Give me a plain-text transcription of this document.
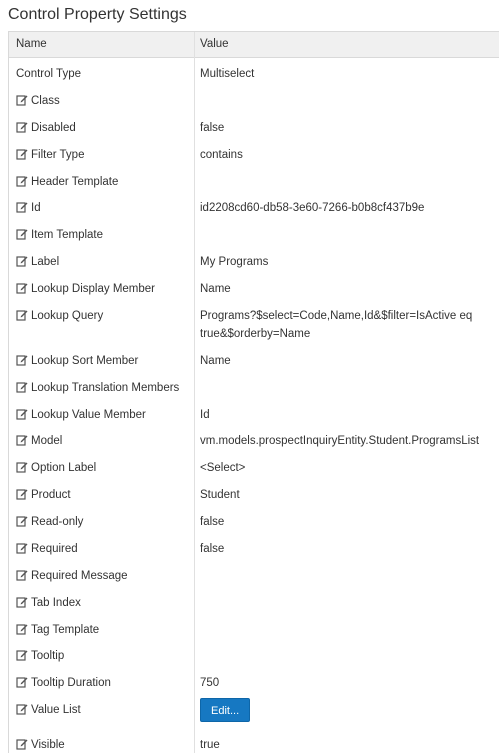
Control Property Settings
Name	Value
Control Type	Multiselect
Class
Disabled	false
Filter Type	contains
Header Template
Id	id2208cd60-db58-3e60-7266-b0b8cf437b9e
Item Template
Label	My Programs
Lookup Display Member	Name
Lookup Query	Programs?$select=Code,Name,Id&$filter=IsActive eq true&$orderby=Name
Lookup Sort Member	Name
Lookup Translation Members
Lookup Value Member	Id
Model	vm.models.prospectInquiryEntity.Student.ProgramsList
Option Label	<Select>
Product	Student
Read-only	false
Required	false
Required Message
Tab Index
Tag Template
Tooltip
Tooltip Duration	750
Value List	Edit...
Visible	true
